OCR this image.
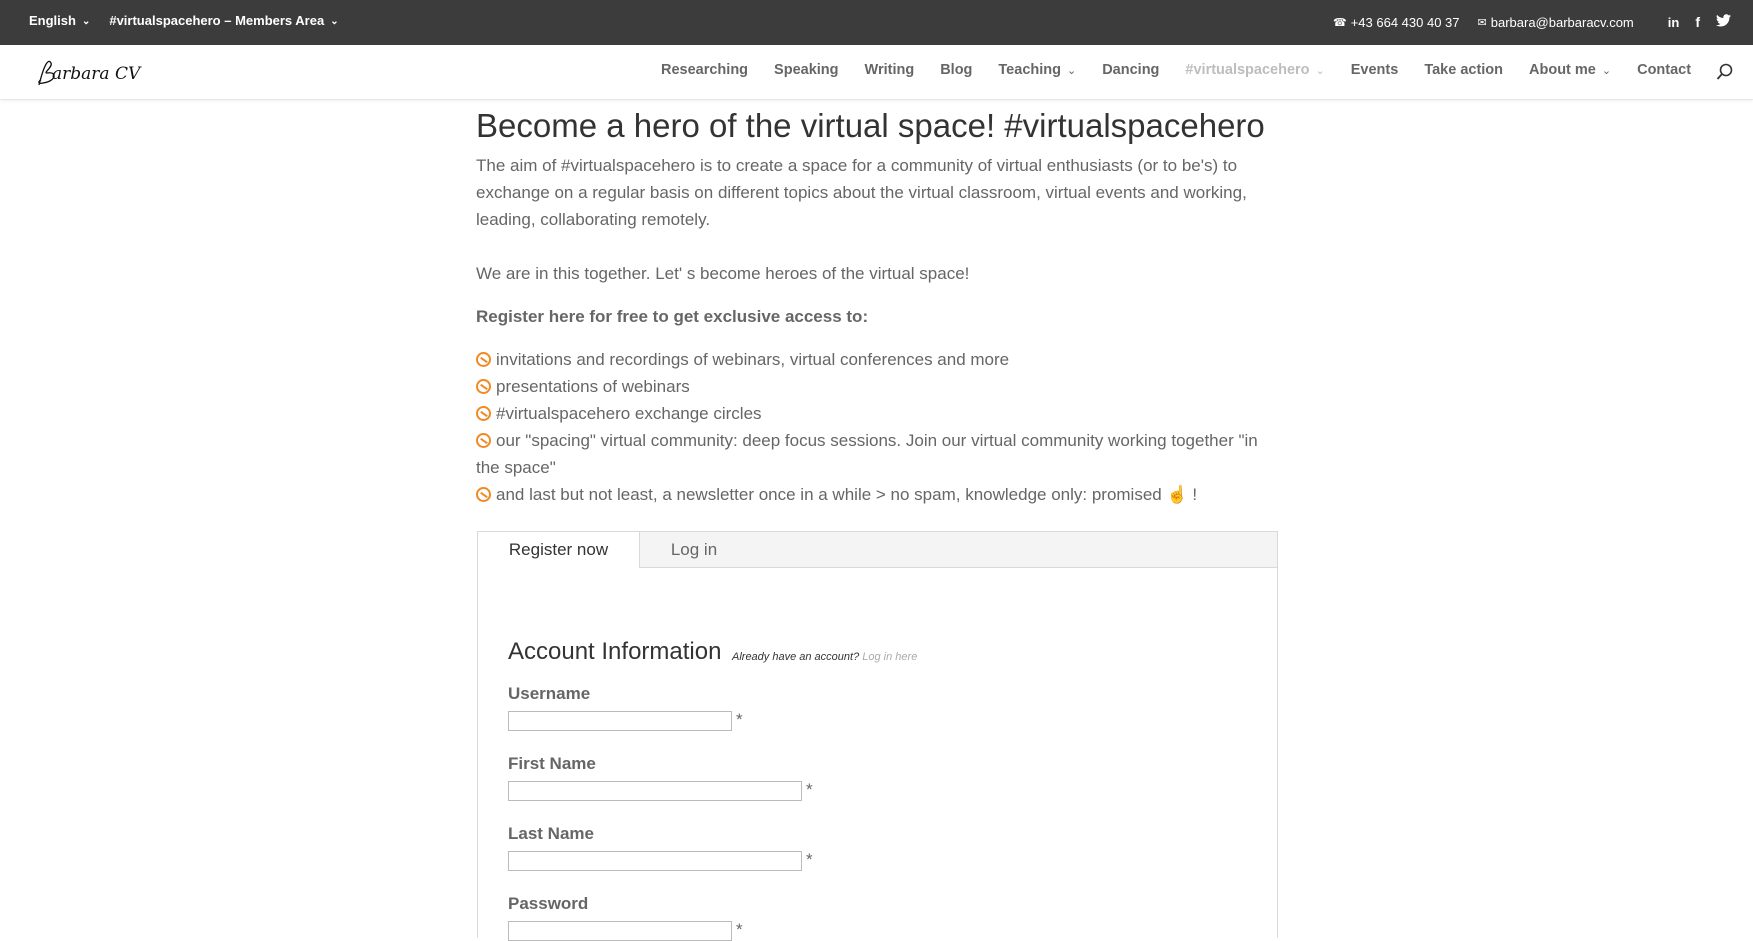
English ⌄ #virtualspacehero – Members Area ⌄	☎ +43 664 430 40 37 ✉ barbara@barbaracv.com	in f
arbara CV	Researching Speaking Writing Blog Teaching ⌄ Dancing #virtualspacehero ⌄ Events Take action About me ⌄ Contact
Become a hero of the virtual space! #virtualspacehero
The aim of #virtualspacehero is to create a space for a community of virtual enthusiasts (or to be's) to exchange on a regular basis on different topics about the virtual classroom, virtual events and working, leading, collaborating remotely.
We are in this together. Let' s become heroes of the virtual space!
Register here for free to get exclusive access to:
invitations and recordings of webinars, virtual conferences and more
presentations of webinars
#virtualspacehero exchange circles
our "spacing" virtual community: deep focus sessions. Join our virtual community working together "in the space"
and last but not least, a newsletter once in a while > no spam, knowledge only: promised ☝ !
Register now	Log in
Account Information Already have an account? Log in here
Username
*
First Name
*
Last Name
*
Password
*
